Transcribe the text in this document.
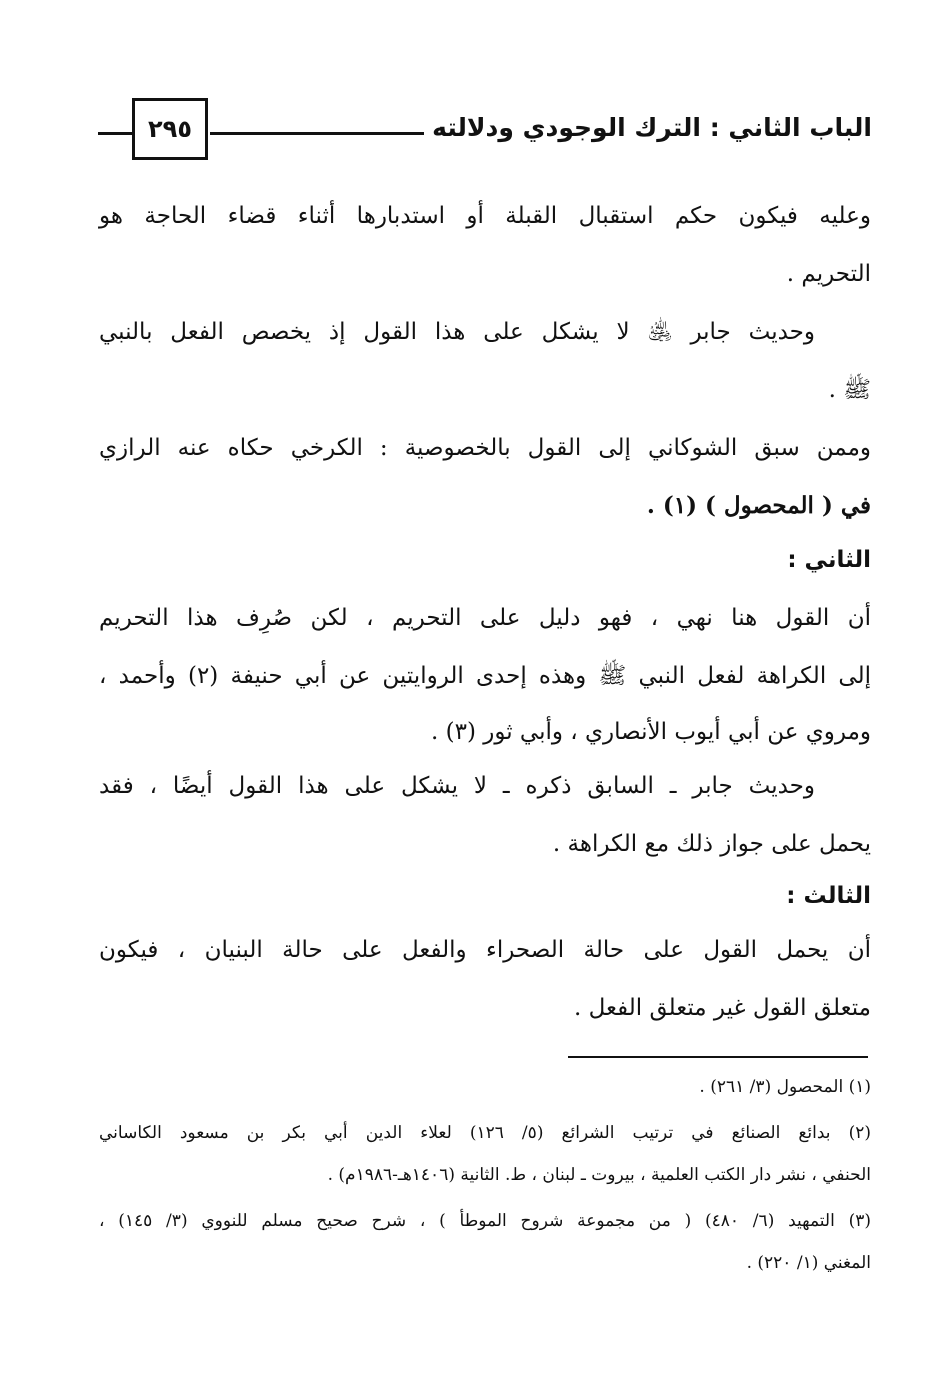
٢٩٥	الباب الثاني : الترك الوجودي ودلالته
وعليه فيكون حكم استقبال القبلة أو استدبارها أثناء قضاء الحاجة هو
التحريم .
وحديث جابر ﵁ لا يشكل على هذا القول إذ يخصص الفعل بالنبي
ﷺ .
وممن سبق الشوكاني إلى القول بالخصوصية : الكرخي حكاه عنه الرازي
في ( المحصول ) (١) .
الثاني :
أن القول هنا نهي ، فهو دليل على التحريم ، لكن صُرِف هذا التحريم
إلى الكراهة لفعل النبي ﷺ وهذه إحدى الروايتين عن أبي حنيفة (٢) وأحمد ،
ومروي عن أبي أيوب الأنصاري ، وأبي ثور (٣) .
وحديث جابر ـ السابق ذكره ـ لا يشكل على هذا القول أيضًا ، فقد
يحمل على جواز ذلك مع الكراهة .
الثالث :
أن يحمل القول على حالة الصحراء والفعل على حالة البنيان ، فيكون
متعلق القول غير متعلق الفعل .
(١) المحصول (٣/ ٢٦١) .
(٢) بدائع الصنائع في ترتيب الشرائع (٥/ ١٢٦) لعلاء الدين أبي بكر بن مسعود الكاساني
الحنفي ، نشر دار الكتب العلمية ، بيروت ـ لبنان ، ط. الثانية (١٤٠٦هـ-١٩٨٦م) .
(٣) التمهيد (٦/ ٤٨٠) ( من مجموعة شروح الموطأ ) ، شرح صحيح مسلم للنووي (٣/ ١٤٥) ،
المغني (١/ ٢٢٠) .
